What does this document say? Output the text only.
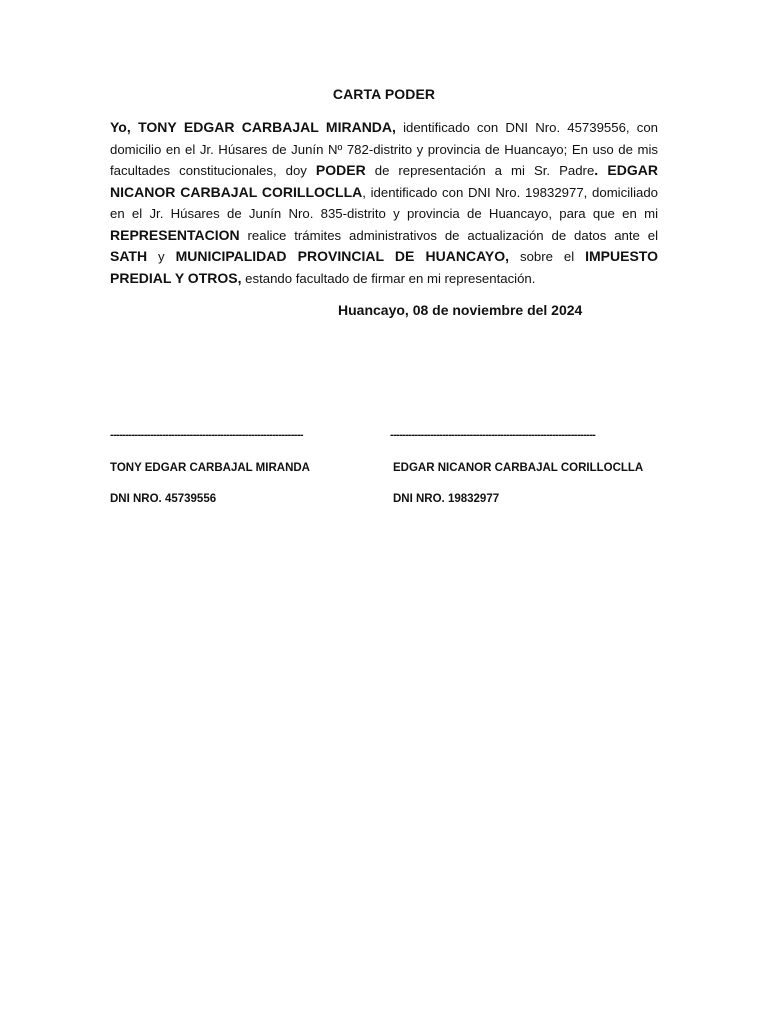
CARTA PODER

Yo, TONY EDGAR CARBAJAL MIRANDA, identificado con DNI Nro. 45739556, con domicilio en el Jr. Húsares de Junín Nº 782-distrito y provincia de Huancayo; En uso de mis facultades constitucionales, doy PODER de representación a mi Sr. Padre. EDGAR NICANOR CARBAJAL CORILLOCLLA, identificado con DNI Nro. 19832977, domiciliado en el Jr. Húsares de Junín Nro. 835-distrito y provincia de Huancayo, para que en mi REPRESENTACION realice trámites administrativos de actualización de datos ante el SATH y MUNICIPALIDAD PROVINCIAL DE HUANCAYO, sobre el IMPUESTO PREDIAL Y OTROS, estando facultado de firmar en mi representación.

Huancayo, 08 de noviembre del 2024
---------------------------------------------------------------	-------------------------------------------------------------------
TONY EDGAR CARBAJAL MIRANDA	EDGAR NICANOR CARBAJAL CORILLOCLLA
DNI NRO. 45739556	DNI NRO. 19832977
